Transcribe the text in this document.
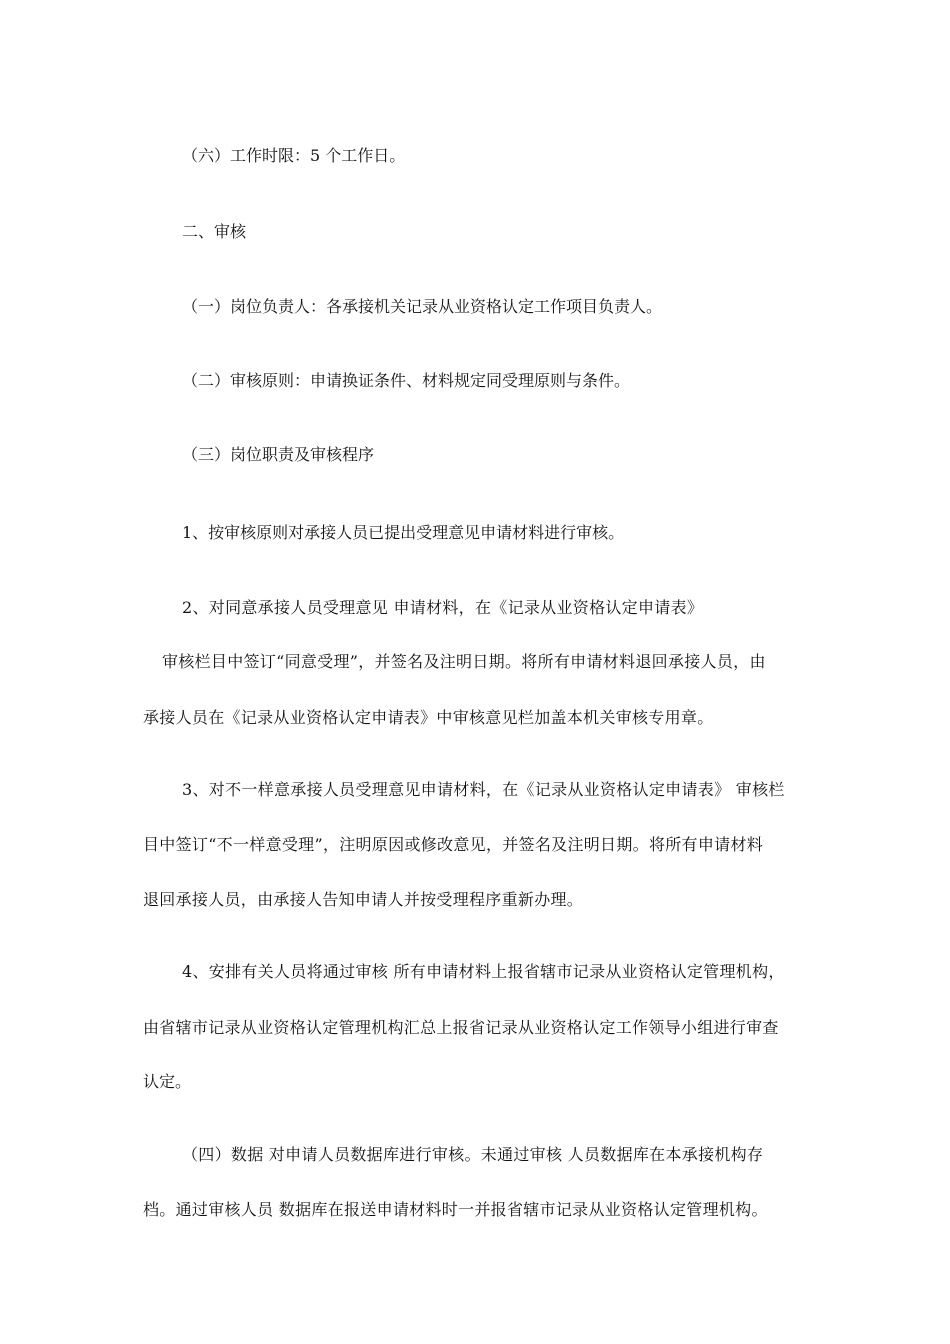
（六）工作时限：5 个工作日。
二、审核
（一）岗位负责人：各承接机关记录从业资格认定工作项目负责人。
（二）审核原则：申请换证条件、材料规定同受理原则与条件。
（三）岗位职责及审核程序
1、按审核原则对承接人员已提出受理意见申请材料进行审核。
2、对同意承接人员受理意见 申请材料，在《记录从业资格认定申请表》
审核栏目中签订“同意受理”，并签名及注明日期。将所有申请材料退回承接人员，由
承接人员在《记录从业资格认定申请表》中审核意见栏加盖本机关审核专用章。
3、对不一样意承接人员受理意见申请材料，在《记录从业资格认定申请表》 审核栏
目中签订“不一样意受理”，注明原因或修改意见，并签名及注明日期。将所有申请材料
退回承接人员，由承接人告知申请人并按受理程序重新办理。
4、安排有关人员将通过审核 所有申请材料上报省辖市记录从业资格认定管理机构，
由省辖市记录从业资格认定管理机构汇总上报省记录从业资格认定工作领导小组进行审查
认定。
（四）数据 对申请人员数据库进行审核。未通过审核 人员数据库在本承接机构存
档。通过审核人员 数据库在报送申请材料时一并报省辖市记录从业资格认定管理机构。
